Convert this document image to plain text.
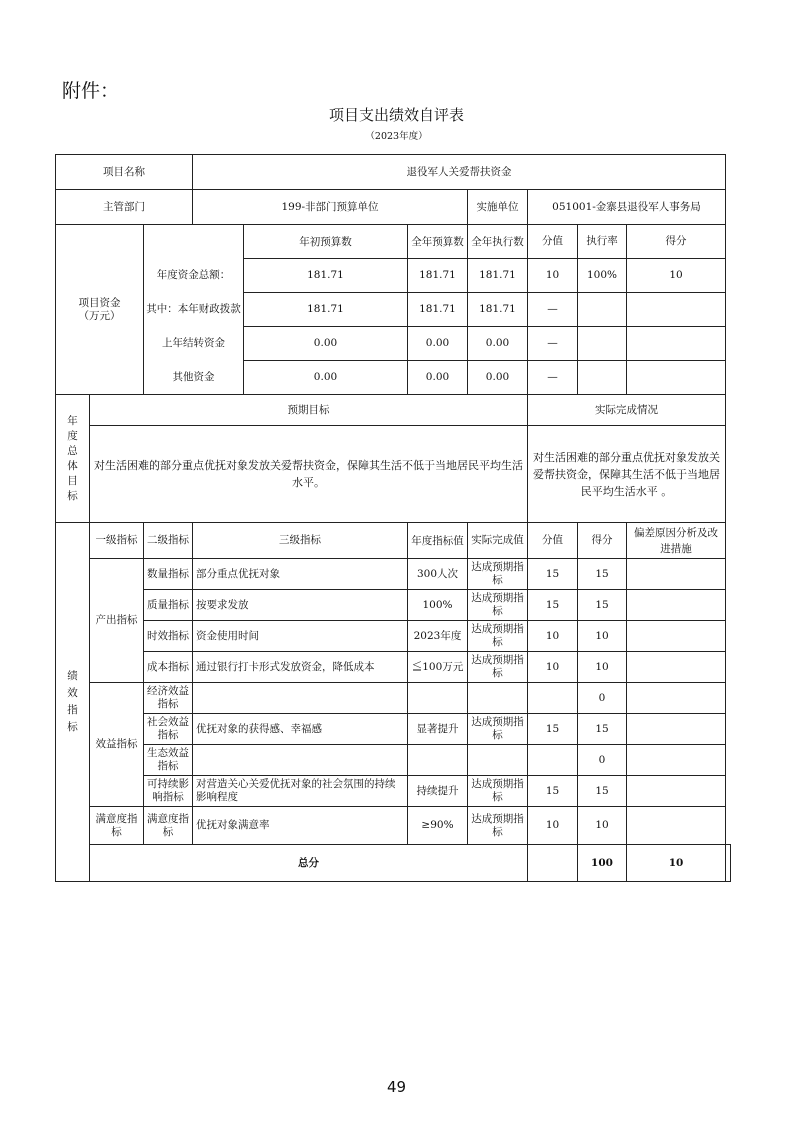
附件：
项目支出绩效自评表
（2023年度）
项目名称			退役军人关爱帮扶资金							
主管部门			199-非部门预算单位			实施单位	051001-金寨县退役军人事务局			
项目资金
（万元）				年初预算数	全年预算数	全年执行数	分值	执行率	得分	
		年度资金总额：		181.71	181.71	181.71	10	100%	10	
		其中：本年财政拨款		181.71	181.71	181.71	—			
		上年结转资金		0.00	0.00	0.00	—			
		其他资金		0.00	0.00	0.00	—			
年度总体目标	预期目标						实际完成情况			
	对生活困难的部分重点优抚对象发放关爱帮扶资金，保障其生活不低于当地居民平均生活水平。						对生活困难的部分重点优抚对象发放关爱帮扶资金，保障其生活不低于当地居民平均生活水平 。			
绩效指标	一级指标	二级指标	三级指标		年度指标值	实际完成值	分值	得分	偏差原因分析及改进措施	
	产出指标	数量指标	部分重点优抚对象		300人次	达成预期指标	15	15		
		质量指标	按要求发放		100%	达成预期指标	15	15		
		时效指标	资金使用时间		2023年度	达成预期指标	10	10		
		成本指标	通过银行打卡形式发放资金，降低成本		≦100万元	达成预期指标	10	10		
	效益指标	经济效益指标						0		
		社会效益指标	优抚对象的获得感、幸福感		显著提升	达成预期指标	15	15		
		生态效益指标						0		
		可持续影响指标	对营造关心关爱优抚对象的社会氛围的持续影响程度		持续提升	达成预期指标	15	15		
	满意度指标	满意度指标	优抚对象满意率		≥90%	达成预期指标	10	10		
	总分							100	10	
49
